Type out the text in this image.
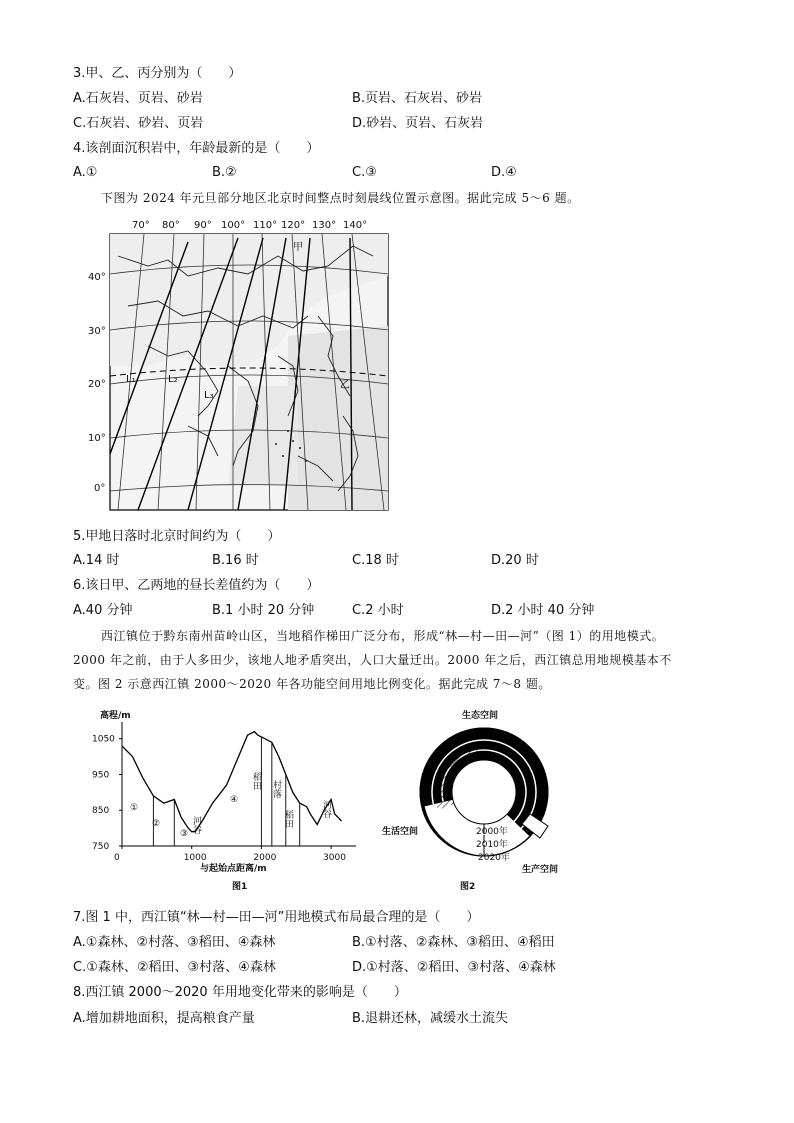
3.甲、乙、丙分别为（　　）
A.石灰岩、页岩、砂岩	B.页岩、石灰岩、砂岩
C.石灰岩、砂岩、页岩	D.砂岩、页岩、石灰岩
4.该剖面沉积岩中，年龄最新的是（　　）
A.①	B.②	C.③	D.④
下图为 2024 年元旦部分地区北京时间整点时刻晨线位置示意图。据此完成 5～6 题。
70° 80° 90° 100° 110° 120° 130° 140°
40°
30°
20°
10°
0°
L₁	L₂
L₃
甲
乙
5.甲地日落时北京时间约为（　　）
A.14 时	B.16 时	C.18 时	D.20 时
6.该日甲、乙两地的昼长差值约为（　　）
A.40 分钟	B.1 小时 20 分钟	C.2 小时	D.2 小时 40 分钟
西江镇位于黔东南州苗岭山区，当地稻作梯田广泛分布，形成“林—村—田—河”（图 1）的用地模式。
2000 年之前，由于人多田少，该地人地矛盾突出，人口大量迁出。2000 年之后，西江镇总用地规模基本不
变。图 2 示意西江镇 2000～2020 年各功能空间用地比例变化。据此完成 7～8 题。
高程/m
750
850
950
1050
0	1000	2000	3000
①
②
③ 河谷
④
稻田 村落
稻田
河谷
与起始点距离/m
图1
生态空间
2000年
2010年
2020年
生活空间
生产空间
图2
7.图 1 中，西江镇“林—村—田—河”用地模式布局最合理的是（　　）
A.①森林、②村落、③稻田、④森林	B.①村落、②森林、③稻田、④稻田
C.①森林、②稻田、③村落、④森林	D.①村落、②稻田、③村落、④森林
8.西江镇 2000～2020 年用地变化带来的影响是（　　）
A.增加耕地面积，提高粮食产量	B.退耕还林，减缓水土流失
